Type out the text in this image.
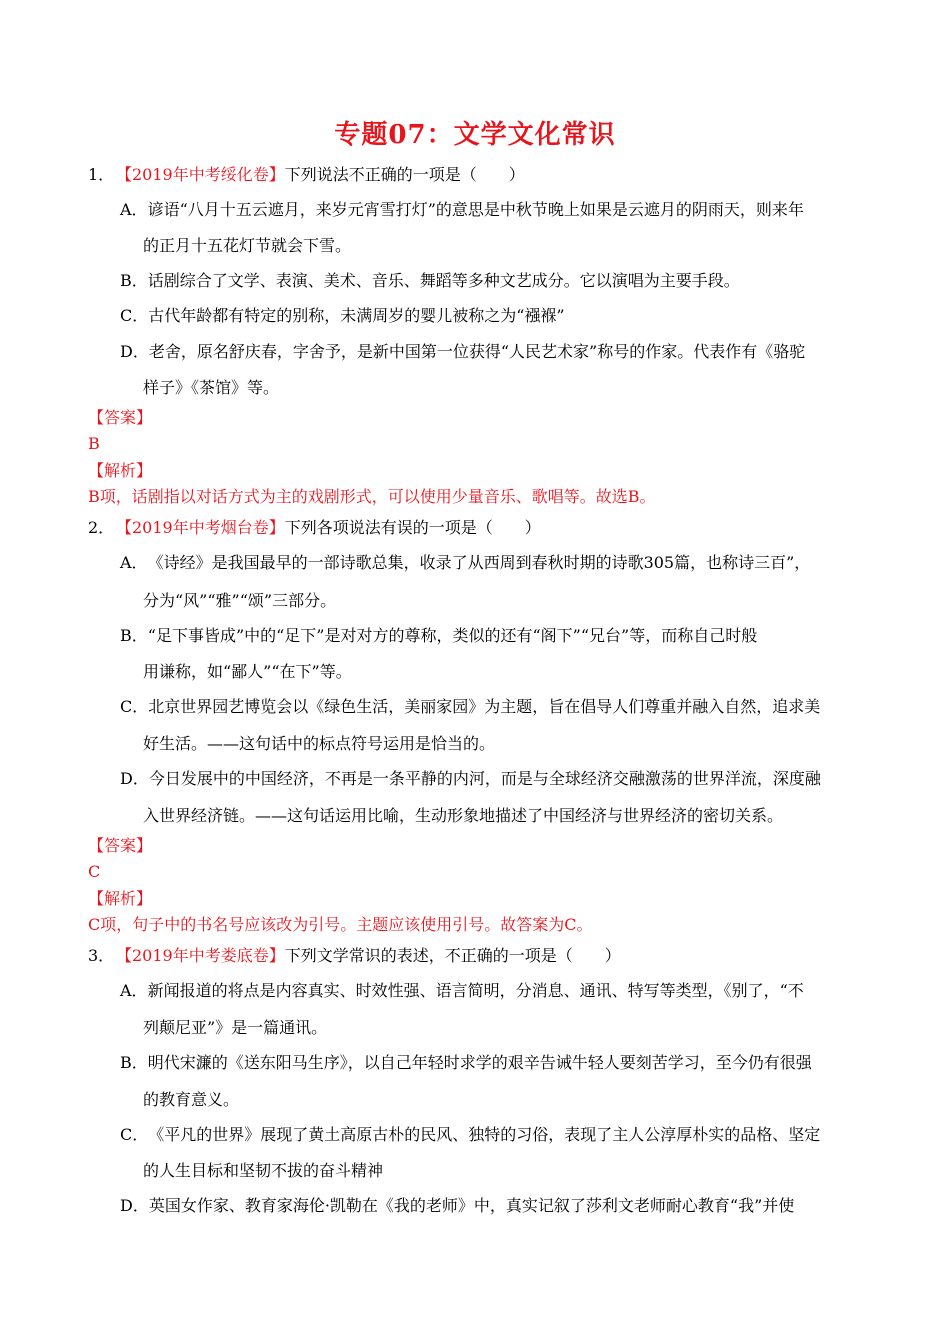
专题07：文学文化常识
1． 【2019年中考绥化卷】下列说法不正确的一项是（　　）
A．谚语“八月十五云遮月，来岁元宵雪打灯”的意思是中秋节晚上如果是云遮月的阴雨天，则来年
的正月十五花灯节就会下雪。
B．话剧综合了文学、表演、美术、音乐、舞蹈等多种文艺成分。它以演唱为主要手段。
C．古代年龄都有特定的别称，未满周岁的婴儿被称之为“襁褓”
D．老舍，原名舒庆春，字舍予，是新中国第一位获得“人民艺术家”称号的作家。代表作有《骆驼
样子》《茶馆》等。
【答案】
B
【解析】
B项，话剧指以对话方式为主的戏剧形式，可以使用少量音乐、歌唱等。故选B。
2． 【2019年中考烟台卷】下列各项说法有误的一项是（　　）
A．《诗经》是我国最早的一部诗歌总集，收录了从西周到春秋时期的诗歌305篇，也称诗三百”，
分为“风”“雅”“颂”三部分。
B．“足下事皆成”中的“足下”是对对方的尊称，类似的还有“阁下”“兄台”等，而称自己时般
用谦称，如“鄙人”“在下”等。
C．北京世界园艺博览会以《绿色生活，美丽家园》为主题，旨在倡导人们尊重并融入自然，追求美
好生活。——这句话中的标点符号运用是恰当的。
D．今日发展中的中国经济，不再是一条平静的内河，而是与全球经济交融激荡的世界洋流，深度融
入世界经济链。——这句话运用比喻，生动形象地描述了中国经济与世界经济的密切关系。
【答案】
C
【解析】
C项，句子中的书名号应该改为引号。主题应该使用引号。故答案为C。
3． 【2019年中考娄底卷】下列文学常识的表述，不正确的一项是（　　）
A．新闻报道的将点是内容真实、时效性强、语言简明，分消息、通讯、特写等类型，《别了，“不
列颠尼亚”》是一篇通讯。
B．明代宋濂的《送东阳马生序》，以自己年轻时求学的艰辛告诫牛轻人要刻苦学习，至今仍有很强
的教育意义。
C．《平凡的世界》展现了黄土高原古朴的民风、独特的习俗，表现了主人公淳厚朴实的品格、坚定
的人生目标和坚韧不拔的奋斗精神
D．英国女作家、教育家海伦·凯勒在《我的老师》中，真实记叙了莎利文老师耐心教育“我”并使
